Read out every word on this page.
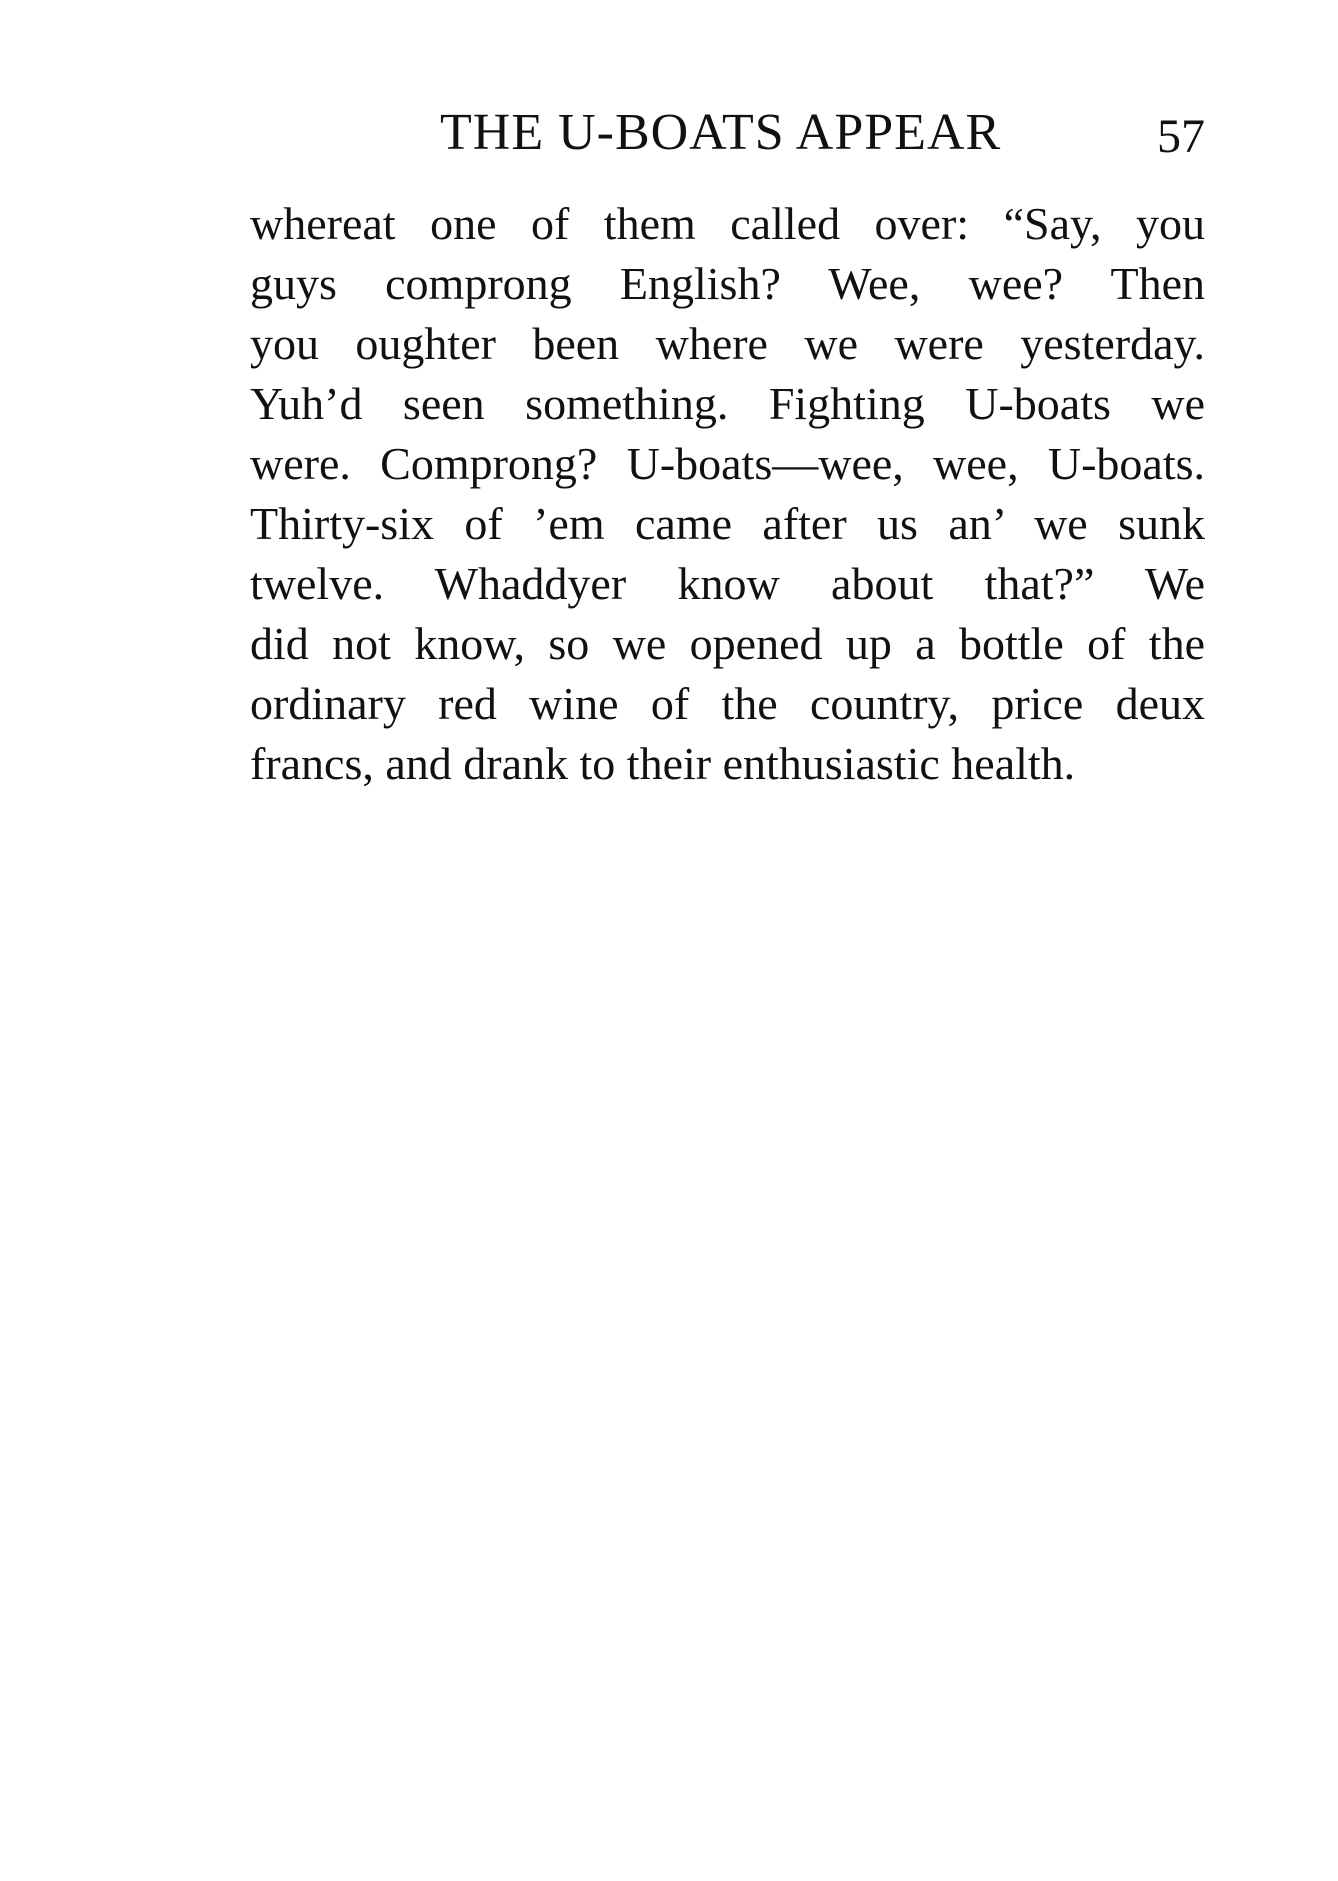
THE U-BOATS APPEAR	57
whereat one of them called over: “Say, you
guys comprong English? Wee, wee? Then
you oughter been where we were yesterday.
Yuh’d seen something. Fighting U-boats we
were. Comprong? U-boats—wee, wee, U-boats.
Thirty-six of ’em came after us an’ we sunk
twelve. Whaddyer know about that?” We
did not know, so we opened up a bottle of the
ordinary red wine of the country, price deux
francs, and drank to their enthusiastic health.
